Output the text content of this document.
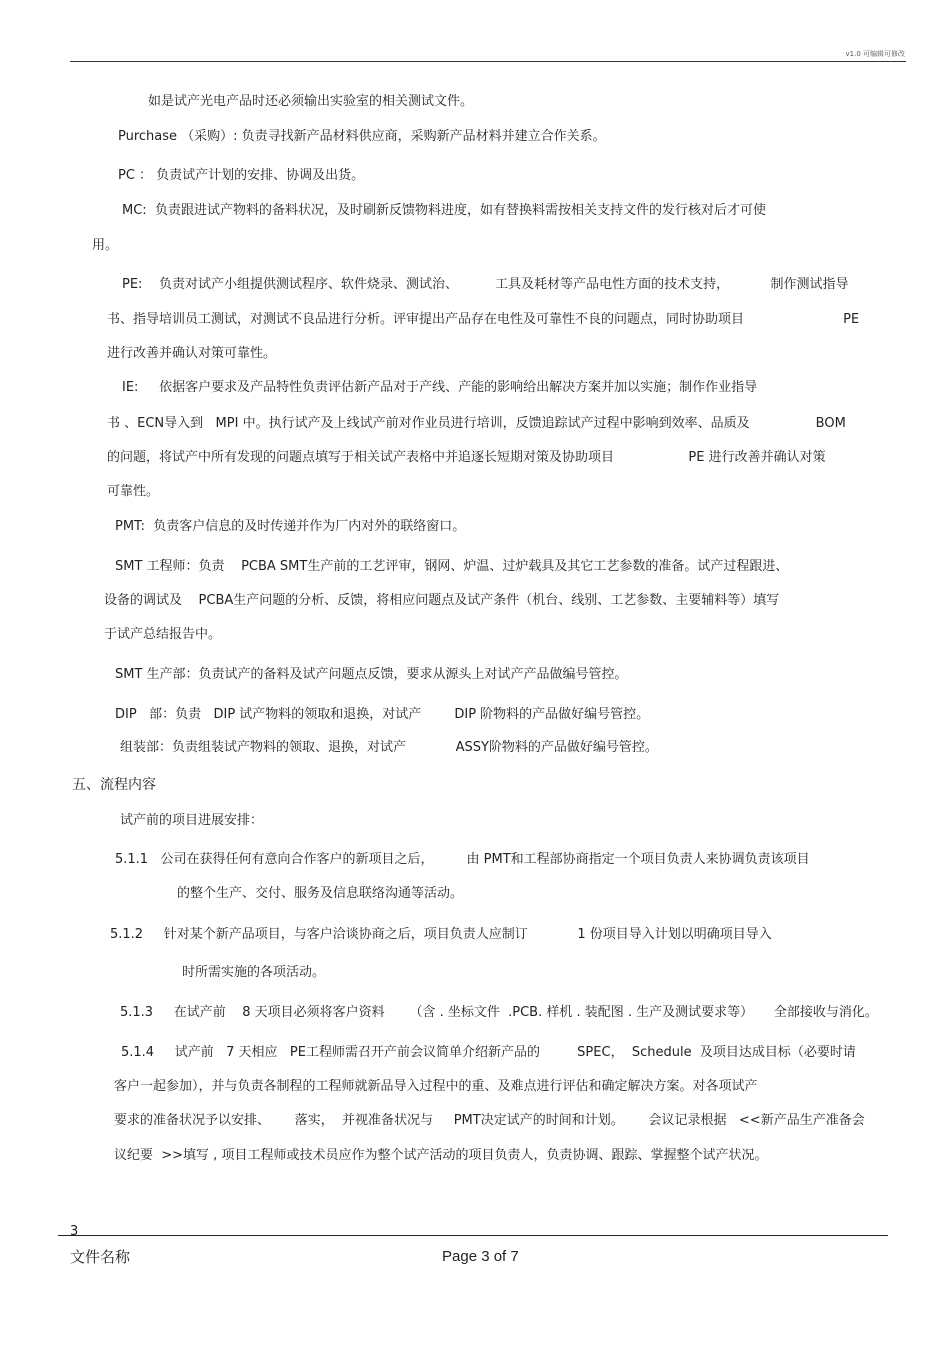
v1.0 可编辑可修改
如是试产光电产品时还必须输出实验室的相关测试文件。
Purchase （采购）: 负责寻找新产品材料供应商，采购新产品材料并建立合作关系。
PC ： 负责试产计划的安排、协调及出货。
MC:  负责跟进试产物料的备料状况，及时刷新反馈物料进度，如有替换料需按相关支持文件的发行核对后才可使
用。
PE:    负责对试产小组提供测试程序、软件烧录、测试治、         工具及耗材等产品电性方面的技术支持，          制作测试指导
书、指导培训员工测试，对测试不良品进行分析。评审提出产品存在电性及可靠性不良的问题点，同时协助项目                        PE
进行改善并确认对策可靠性。
IE:     依据客户要求及产品特性负责评估新产品对于产线、产能的影响给出解决方案并加以实施；制作作业指导
书 、ECN导入到   MPI 中。执行试产及上线试产前对作业员进行培训，反馈追踪试产过程中影响到效率、品质及                BOM
的问题，将试产中所有发现的问题点填写于相关试产表格中并追逐长短期对策及协助项目                  PE 进行改善并确认对策
可靠性。
PMT:  负责客户信息的及时传递并作为厂内对外的联络窗口。
SMT 工程师：负责    PCBA SMT生产前的工艺评审，钢网、炉温、过炉载具及其它工艺参数的准备。试产过程跟进、
设备的调试及    PCBA生产问题的分析、反馈，将相应问题点及试产条件（机台、线别、工艺参数、主要辅料等）填写
于试产总结报告中。
SMT 生产部：负责试产的备料及试产问题点反馈，要求从源头上对试产产品做编号管控。
DIP   部：负责   DIP 试产物料的领取和退换，对试产        DIP 阶物料的产品做好编号管控。
组装部：负责组装试产物料的领取、退换，对试产            ASSY阶物料的产品做好编号管控。
五、流程内容
试产前的项目进展安排：
5.1.1   公司在获得任何有意向合作客户的新项目之后，        由 PMT和工程部协商指定一个项目负责人来协调负责该项目
的整个生产、交付、服务及信息联络沟通等活动。
5.1.2     针对某个新产品项目，与客户洽谈协商之后，项目负责人应制订            1 份项目导入计划以明确项目导入
时所需实施的各项活动。
5.1.3     在试产前    8 天项目必须将客户资料      （含 . 坐标文件  .PCB. 样机 . 装配图 . 生产及测试要求等）     全部接收与消化。
5.1.4     试产前   7 天相应   PE工程师需召开产前会议简单介绍新产品的         SPEC，  Schedule  及项目达成目标（必要时请
客户一起参加），并与负责各制程的工程师就新品导入过程中的重、及难点进行评估和确定解决方案。对各项试产
要求的准备状况予以安排、      落实，  并视准备状况与     PMT决定试产的时间和计划。      会议记录根据   <<新产品生产准备会
议纪要  >>填写 , 项目工程师或技术员应作为整个试产活动的项目负责人，负责协调、跟踪、掌握整个试产状况。
3
文件名称	Page 3 of 7
